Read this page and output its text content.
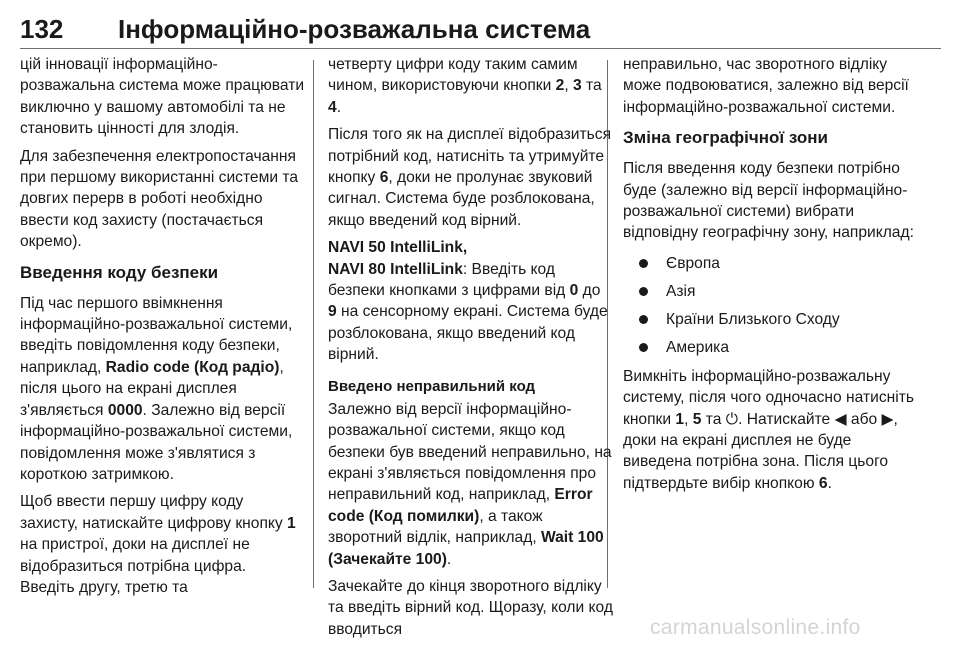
132	Інформаційно-розважальна система

цій інновації інформаційно-розважальна система може працювати виключно у вашому автомобілі та не становить цінності для злодія.

Для забезпечення електропостачання при першому використанні системи та довгих перерв в роботі необхідно ввести код захисту (постачається окремо).

Введення коду безпеки

Під час першого ввімкнення інформаційно-розважальної системи, введіть повідомлення коду безпеки, наприклад, Radio code (Код радіо), після цього на екрані дисплея з'являється 0000. Залежно від версії інформаційно-розважальної системи, повідомлення може з'являтися з короткою затримкою.

Щоб ввести першу цифру коду захисту, натискайте цифрову кнопку 1 на пристрої, доки на дисплеї не відобразиться потрібна цифра. Введіть другу, третю та

четверту цифри коду таким самим чином, використовуючи кнопки 2, 3 та 4.

Після того як на дисплеї відобразиться потрібний код, натисніть та утримуйте кнопку 6, доки не пролунає звуковий сигнал. Система буде розблокована, якщо введений код вірний.

NAVI 50 IntelliLink,
NAVI 80 IntelliLink: Введіть код безпеки кнопками з цифрами від 0 до 9 на сенсорному екрані. Система буде розблокована, якщо введений код вірний.

Введено неправильний код

Залежно від версії інформаційно-розважальної системи, якщо код безпеки був введений неправильно, на екрані з'являється повідомлення про неправильний код, наприклад, Error code (Код помилки), а також зворотний відлік, наприклад, Wait 100 (Зачекайте 100).

Зачекайте до кінця зворотного відліку та введіть вірний код. Щоразу, коли код вводиться

неправильно, час зворотного відліку може подвоюватися, залежно від версії інформаційно-розважальної системи.

Зміна географічної зони

Після введення коду безпеки потрібно буде (залежно від версії інформаційно-розважальної системи) вибрати відповідну географічну зону, наприклад:

Європа
Азія
Країни Близького Сходу
Америка

Вимкніть інформаційно-розважальну систему, після чого одночасно натисніть кнопки 1, 5 та ⏻. Натискайте ◀ або ▶, доки на екрані дисплея не буде виведена потрібна зона. Після цього підтвердьте вибір кнопкою 6.

carmanualsonline.info
